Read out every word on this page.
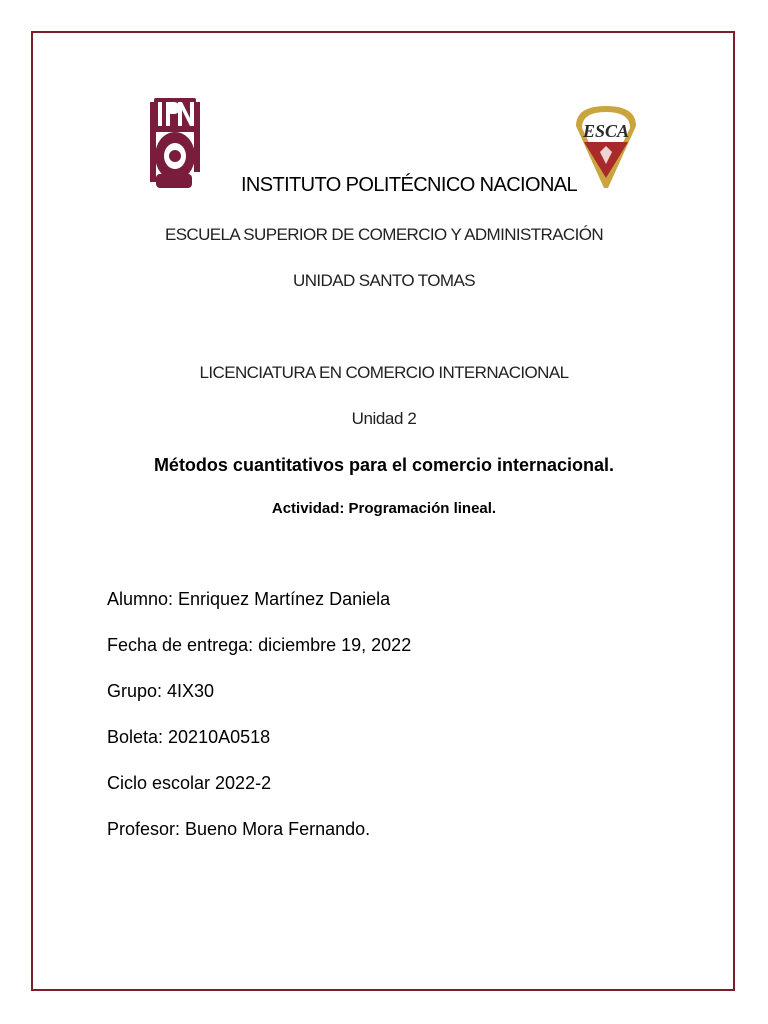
ESCA
INSTITUTO POLITÉCNICO NACIONAL
ESCUELA SUPERIOR DE COMERCIO Y ADMINISTRACIÓN
UNIDAD SANTO TOMAS
LICENCIATURA EN COMERCIO INTERNACIONAL
Unidad 2
Métodos cuantitativos para el comercio internacional.
Actividad: Programación lineal.
Alumno: Enriquez Martínez Daniela
Fecha de entrega: diciembre 19, 2022
Grupo: 4IX30
Boleta: 20210A0518
Ciclo escolar 2022-2
Profesor: Bueno Mora Fernando.
